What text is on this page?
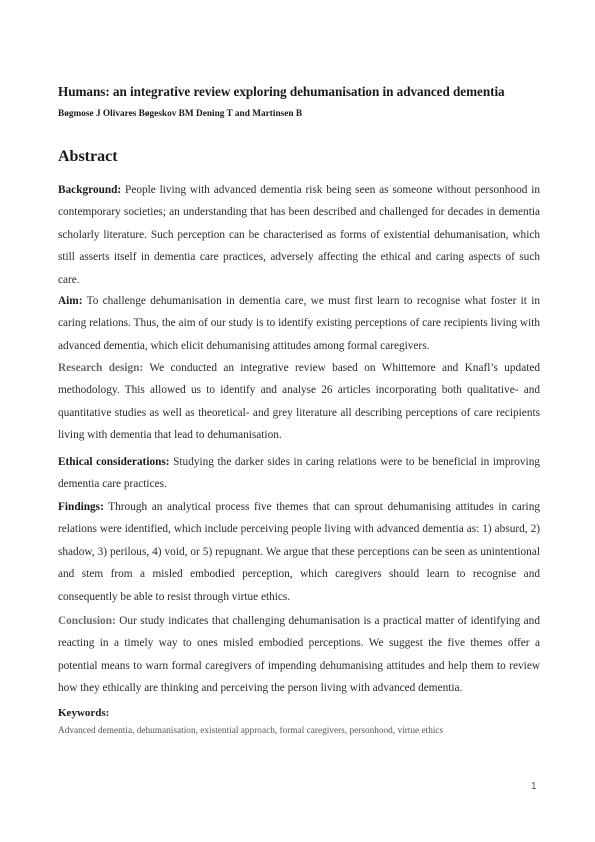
Humans: an integrative review exploring dehumanisation in advanced dementia
Bøgmose J Olivares Bøgeskov BM Dening T and Martinsen B
Abstract

Background: People living with advanced dementia risk being seen as someone without personhood in contemporary societies; an understanding that has been described and challenged for decades in dementia scholarly literature. Such perception can be characterised as forms of existential dehumanisation, which still asserts itself in dementia care practices, adversely affecting the ethical and caring aspects of such care.

Aim: To challenge dehumanisation in dementia care, we must first learn to recognise what foster it in caring relations. Thus, the aim of our study is to identify existing perceptions of care recipients living with advanced dementia, which elicit dehumanising attitudes among formal caregivers.

Research design: We conducted an integrative review based on Whittemore and Knafl’s updated methodology. This allowed us to identify and analyse 26 articles incorporating both qualitative- and quantitative studies as well as theoretical- and grey literature all describing perceptions of care recipients living with dementia that lead to dehumanisation.

Ethical considerations: Studying the darker sides in caring relations were to be beneficial in improving dementia care practices.

Findings: Through an analytical process five themes that can sprout dehumanising attitudes in caring relations were identified, which include perceiving people living with advanced dementia as: 1) absurd, 2) shadow, 3) perilous, 4) void, or 5) repugnant. We argue that these perceptions can be seen as unintentional and stem from a misled embodied perception, which caregivers should learn to recognise and consequently be able to resist through virtue ethics.

Conclusion: Our study indicates that challenging dehumanisation is a practical matter of identifying and reacting in a timely way to ones misled embodied perceptions. We suggest the five themes offer a potential means to warn formal caregivers of impending dehumanising attitudes and help them to review how they ethically are thinking and perceiving the person living with advanced dementia.

Keywords:
Advanced dementia, dehumanisation, existential approach, formal caregivers, personhood, virtue ethics
1
